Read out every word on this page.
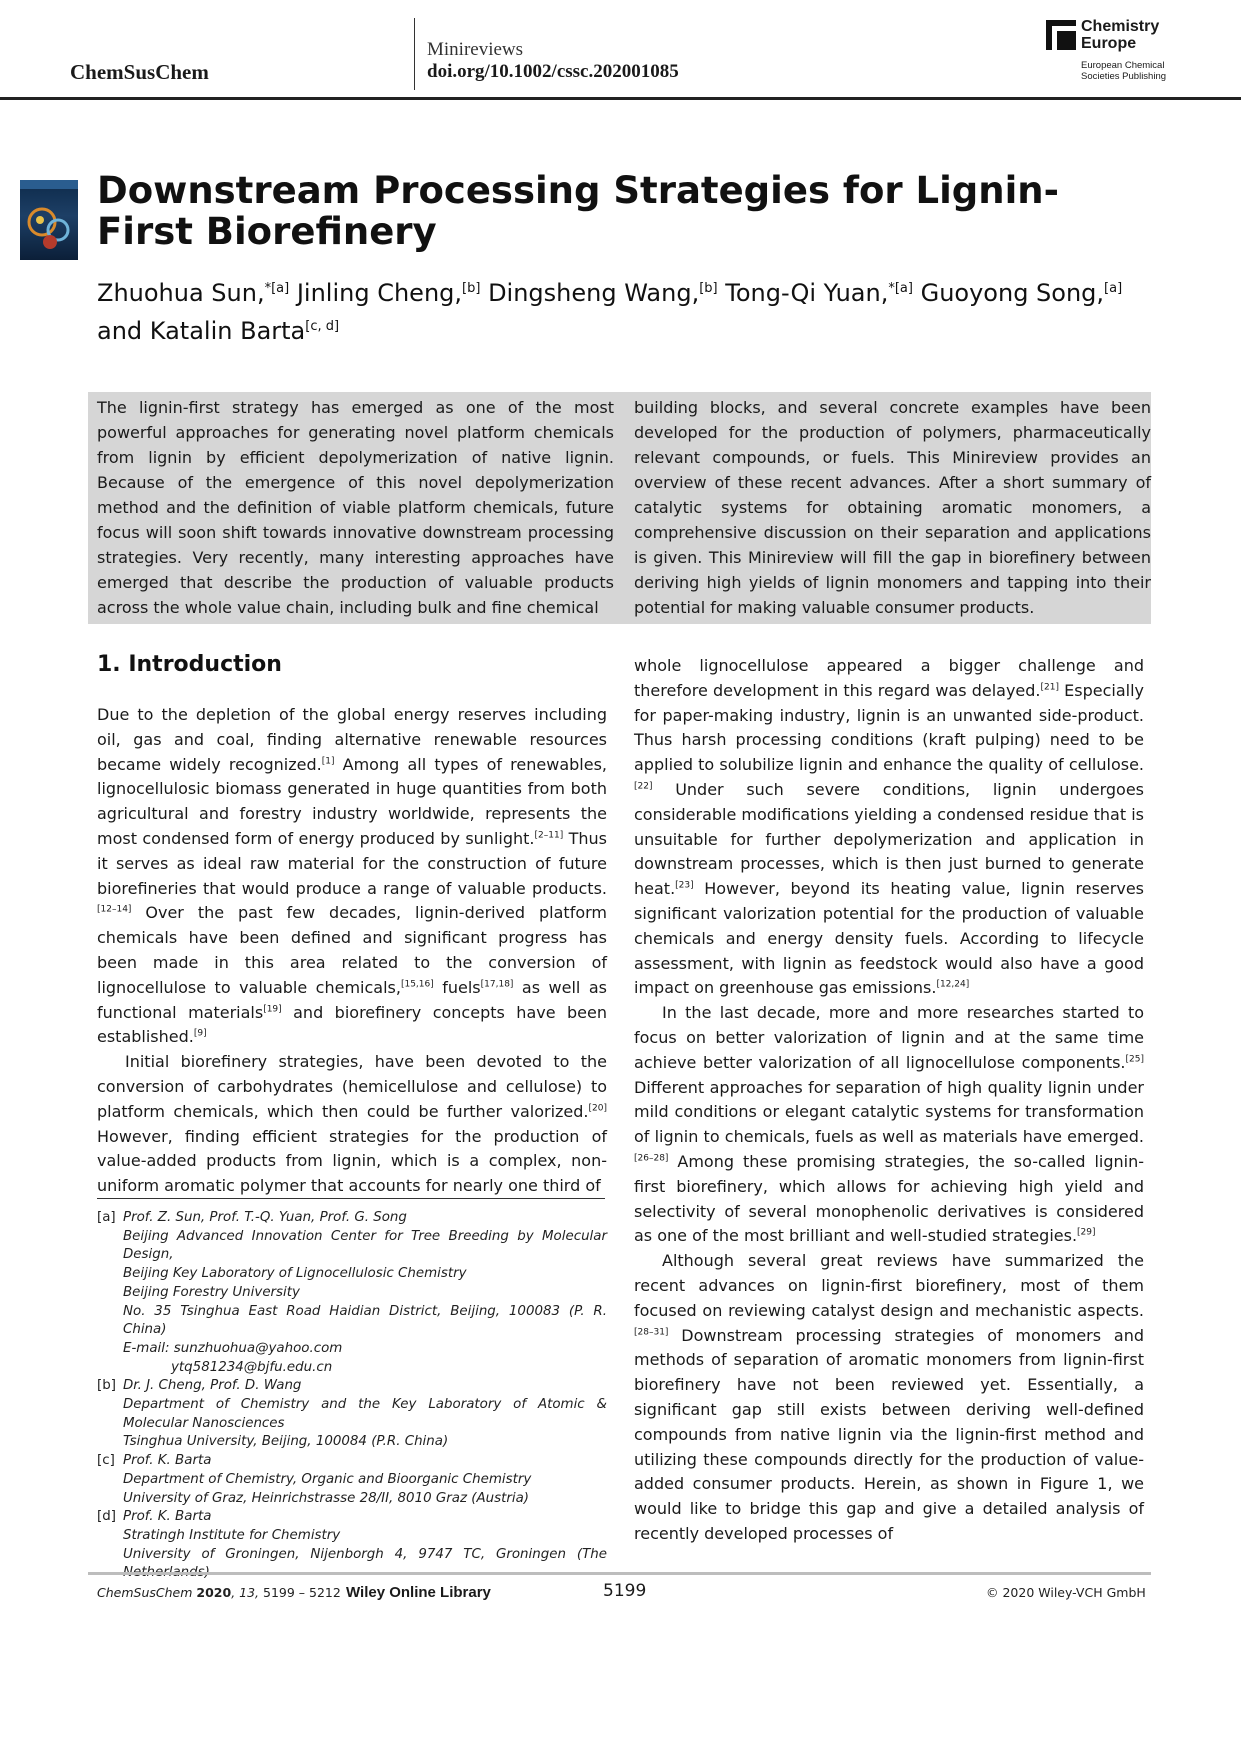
ChemSusChem
Minireviews
doi.org/10.1002/cssc.202001085
Chemistry
Europe
European Chemical
Societies Publishing
Downstream Processing Strategies for Lignin-First Biorefinery
Zhuohua Sun,$^{*[a]}$ Jinling Cheng,[b] Dingsheng Wang,[b] Tong-Qi Yuan,$^{*[a]}$ Guoyong Song,[a] and Katalin Barta[c, d]
The lignin-first strategy has emerged as one of the most powerful approaches for generating novel platform chemicals from lignin by efficient depolymerization of native lignin. Because of the emergence of this novel depolymerization method and the definition of viable platform chemicals, future focus will soon shift towards innovative downstream processing strategies. Very recently, many interesting approaches have emerged that describe the production of valuable products across the whole value chain, including bulk and fine chemical
building blocks, and several concrete examples have been developed for the production of polymers, pharmaceutically relevant compounds, or fuels. This Minireview provides an overview of these recent advances. After a short summary of catalytic systems for obtaining aromatic monomers, a comprehensive discussion on their separation and applications is given. This Minireview will fill the gap in biorefinery between deriving high yields of lignin monomers and tapping into their potential for making valuable consumer products.
1. Introduction

Due to the depletion of the global energy reserves including oil, gas and coal, finding alternative renewable resources became widely recognized.[1] Among all types of renewables, lignocellulosic biomass generated in huge quantities from both agricultural and forestry industry worldwide, represents the most condensed form of energy produced by sunlight.[2–11] Thus it serves as ideal raw material for the construction of future biorefineries that would produce a range of valuable products.[12–14] Over the past few decades, lignin-derived platform chemicals have been defined and significant progress has been made in this area related to the conversion of lignocellulose to valuable chemicals,[15,16] fuels[17,18] as well as functional materials[19] and biorefinery concepts have been established.[9]

Initial biorefinery strategies, have been devoted to the conversion of carbohydrates (hemicellulose and cellulose) to platform chemicals, which then could be further valorized.[20] However, finding efficient strategies for the production of value-added products from lignin, which is a complex, non-uniform aromatic polymer that accounts for nearly one third of

whole lignocellulose appeared a bigger challenge and therefore development in this regard was delayed.[21] Especially for paper-making industry, lignin is an unwanted side-product. Thus harsh processing conditions (kraft pulping) need to be applied to solubilize lignin and enhance the quality of cellulose.[22] Under such severe conditions, lignin undergoes considerable modifications yielding a condensed residue that is unsuitable for further depolymerization and application in downstream processes, which is then just burned to generate heat.[23] However, beyond its heating value, lignin reserves significant valorization potential for the production of valuable chemicals and energy density fuels. According to lifecycle assessment, with lignin as feedstock would also have a good impact on greenhouse gas emissions.[12,24]

In the last decade, more and more researches started to focus on better valorization of lignin and at the same time achieve better valorization of all lignocellulose components.[25] Different approaches for separation of high quality lignin under mild conditions or elegant catalytic systems for transformation of lignin to chemicals, fuels as well as materials have emerged.[26–28] Among these promising strategies, the so-called lignin-first biorefinery, which allows for achieving high yield and selectivity of several monophenolic derivatives is considered as one of the most brilliant and well-studied strategies.[29]

Although several great reviews have summarized the recent advances on lignin-first biorefinery, most of them focused on reviewing catalyst design and mechanistic aspects.[28–31] Downstream processing strategies of monomers and methods of separation of aromatic monomers from lignin-first biorefinery have not been reviewed yet. Essentially, a significant gap still exists between deriving well-defined compounds from native lignin via the lignin-first method and utilizing these compounds directly for the production of value-added consumer products. Herein, as shown in Figure 1, we would like to bridge this gap and give a detailed analysis of recently developed processes of

[a] Prof. Z. Sun, Prof. T.-Q. Yuan, Prof. G. Song
Beijing Advanced Innovation Center for Tree Breeding by Molecular Design,
Beijing Key Laboratory of Lignocellulosic Chemistry
Beijing Forestry University
No. 35 Tsinghua East Road Haidian District, Beijing, 100083 (P. R. China)
E-mail: sunzhuohua@yahoo.com
ytq581234@bjfu.edu.cn
[b] Dr. J. Cheng, Prof. D. Wang
Department of Chemistry and the Key Laboratory of Atomic & Molecular Nanosciences
Tsinghua University, Beijing, 100084 (P.R. China)
[c] Prof. K. Barta
Department of Chemistry, Organic and Bioorganic Chemistry
University of Graz, Heinrichstrasse 28/II, 8010 Graz (Austria)
[d] Prof. K. Barta
Stratingh Institute for Chemistry
University of Groningen, Nijenborgh 4, 9747 TC, Groningen (The
ChemSusChem 2020, 13, 5199 – 5212 Wiley Online Library	5199	© 2020 Wiley-VCH GmbH
